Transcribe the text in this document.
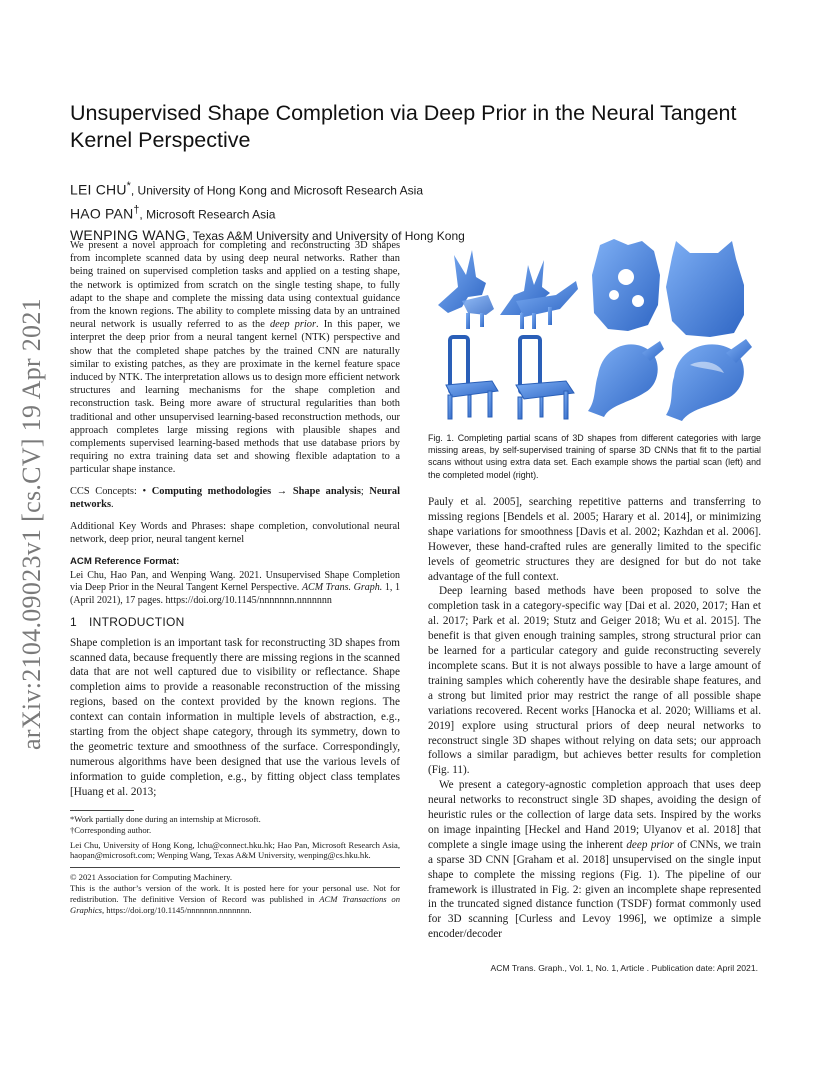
arXiv:2104.09023v1 [cs.CV] 19 Apr 2021
Unsupervised Shape Completion via Deep Prior in the Neural Tangent Kernel Perspective
LEI CHU*, University of Hong Kong and Microsoft Research Asia
HAO PAN†, Microsoft Research Asia
WENPING WANG, Texas A&M University and University of Hong Kong

We present a novel approach for completing and reconstructing 3D shapes from incomplete scanned data by using deep neural networks. Rather than being trained on supervised completion tasks and applied on a testing shape, the network is optimized from scratch on the single testing shape, to fully adapt to the shape and complete the missing data using contextual guidance from the known regions. The ability to complete missing data by an untrained neural network is usually referred to as the deep prior. In this paper, we interpret the deep prior from a neural tangent kernel (NTK) perspective and show that the completed shape patches by the trained CNN are naturally similar to existing patches, as they are proximate in the kernel feature space induced by NTK. The interpretation allows us to design more efficient network structures and learning mechanisms for the shape completion and reconstruction task. Being more aware of structural regularities than both traditional and other unsupervised learning-based reconstruction methods, our approach completes large missing regions with plausible shapes and complements supervised learning-based methods that use database priors by requiring no extra training data set and showing flexible adaptation to a particular shape instance.

CCS Concepts: • Computing methodologies → Shape analysis; Neural networks.

Additional Key Words and Phrases: shape completion, convolutional neural network, deep prior, neural tangent kernel

ACM Reference Format:

Lei Chu, Hao Pan, and Wenping Wang. 2021. Unsupervised Shape Completion via Deep Prior in the Neural Tangent Kernel Perspective. ACM Trans. Graph. 1, 1 (April 2021), 17 pages. https://doi.org/10.1145/nnnnnnn.nnnnnnn

1 INTRODUCTION

Shape completion is an important task for reconstructing 3D shapes from scanned data, because frequently there are missing regions in the scanned data that are not well captured due to visibility or reflectance. Shape completion aims to provide a reasonable reconstruction of the missing regions, based on the context provided by the known regions. The context can contain information in multiple levels of abstraction, e.g., starting from the object shape category, through its symmetry, down to the geometric texture and smoothness of the surface. Correspondingly, numerous algorithms have been designed that use the various levels of information to guide completion, e.g., by fitting object class templates [Huang et al. 2013;

*Work partially done during an internship at Microsoft.

†Corresponding author.

Lei Chu, University of Hong Kong, lchu@connect.hku.hk; Hao Pan, Microsoft Research Asia, haopan@microsoft.com; Wenping Wang, Texas A&M University, wenping@cs.hku.hk.

© 2021 Association for Computing Machinery.

This is the author’s version of the work. It is posted here for your personal use. Not for redistribution. The definitive Version of Record was published in ACM Transactions on Graphics, https://doi.org/10.1145/nnnnnnn.nnnnnnn.

Fig. 1. Completing partial scans of 3D shapes from different categories with large missing areas, by self-supervised training of sparse 3D CNNs that fit to the partial scans without using extra data set. Each example shows the partial scan (left) and the completed model (right).

Pauly et al. 2005], searching repetitive patterns and transferring to missing regions [Bendels et al. 2005; Harary et al. 2014], or minimizing shape variations for smoothness [Davis et al. 2002; Kazhdan et al. 2006]. However, these hand-crafted rules are generally limited to the specific levels of geometric structures they are designed for but do not take advantage of the full context.

Deep learning based methods have been proposed to solve the completion task in a category-specific way [Dai et al. 2020, 2017; Han et al. 2017; Park et al. 2019; Stutz and Geiger 2018; Wu et al. 2015]. The benefit is that given enough training samples, strong structural prior can be learned for a particular category and guide reconstructing severely incomplete scans. But it is not always possible to have a large amount of training samples which coherently have the desirable shape features, and a strong but limited prior may restrict the range of all possible shape variations recovered. Recent works [Hanocka et al. 2020; Williams et al. 2019] explore using structural priors of deep neural networks to reconstruct single 3D shapes without relying on data sets; our approach follows a similar paradigm, but achieves better results for completion (Fig. 11).

We present a category-agnostic completion approach that uses deep neural networks to reconstruct single 3D shapes, avoiding the design of heuristic rules or the collection of large data sets. Inspired by the works on image inpainting [Heckel and Hand 2019; Ulyanov et al. 2018] that complete a single image using the inherent deep prior of CNNs, we train a sparse 3D CNN [Graham et al. 2018] unsupervised on the single input shape to complete the missing regions (Fig. 1). The pipeline of our framework is illustrated in Fig. 2: given an incomplete shape represented in the truncated signed distance function (TSDF) format commonly used for 3D scanning [Curless and Levoy 1996], we optimize a simple encoder/decoder

ACM Trans. Graph., Vol. 1, No. 1, Article . Publication date: April 2021.
